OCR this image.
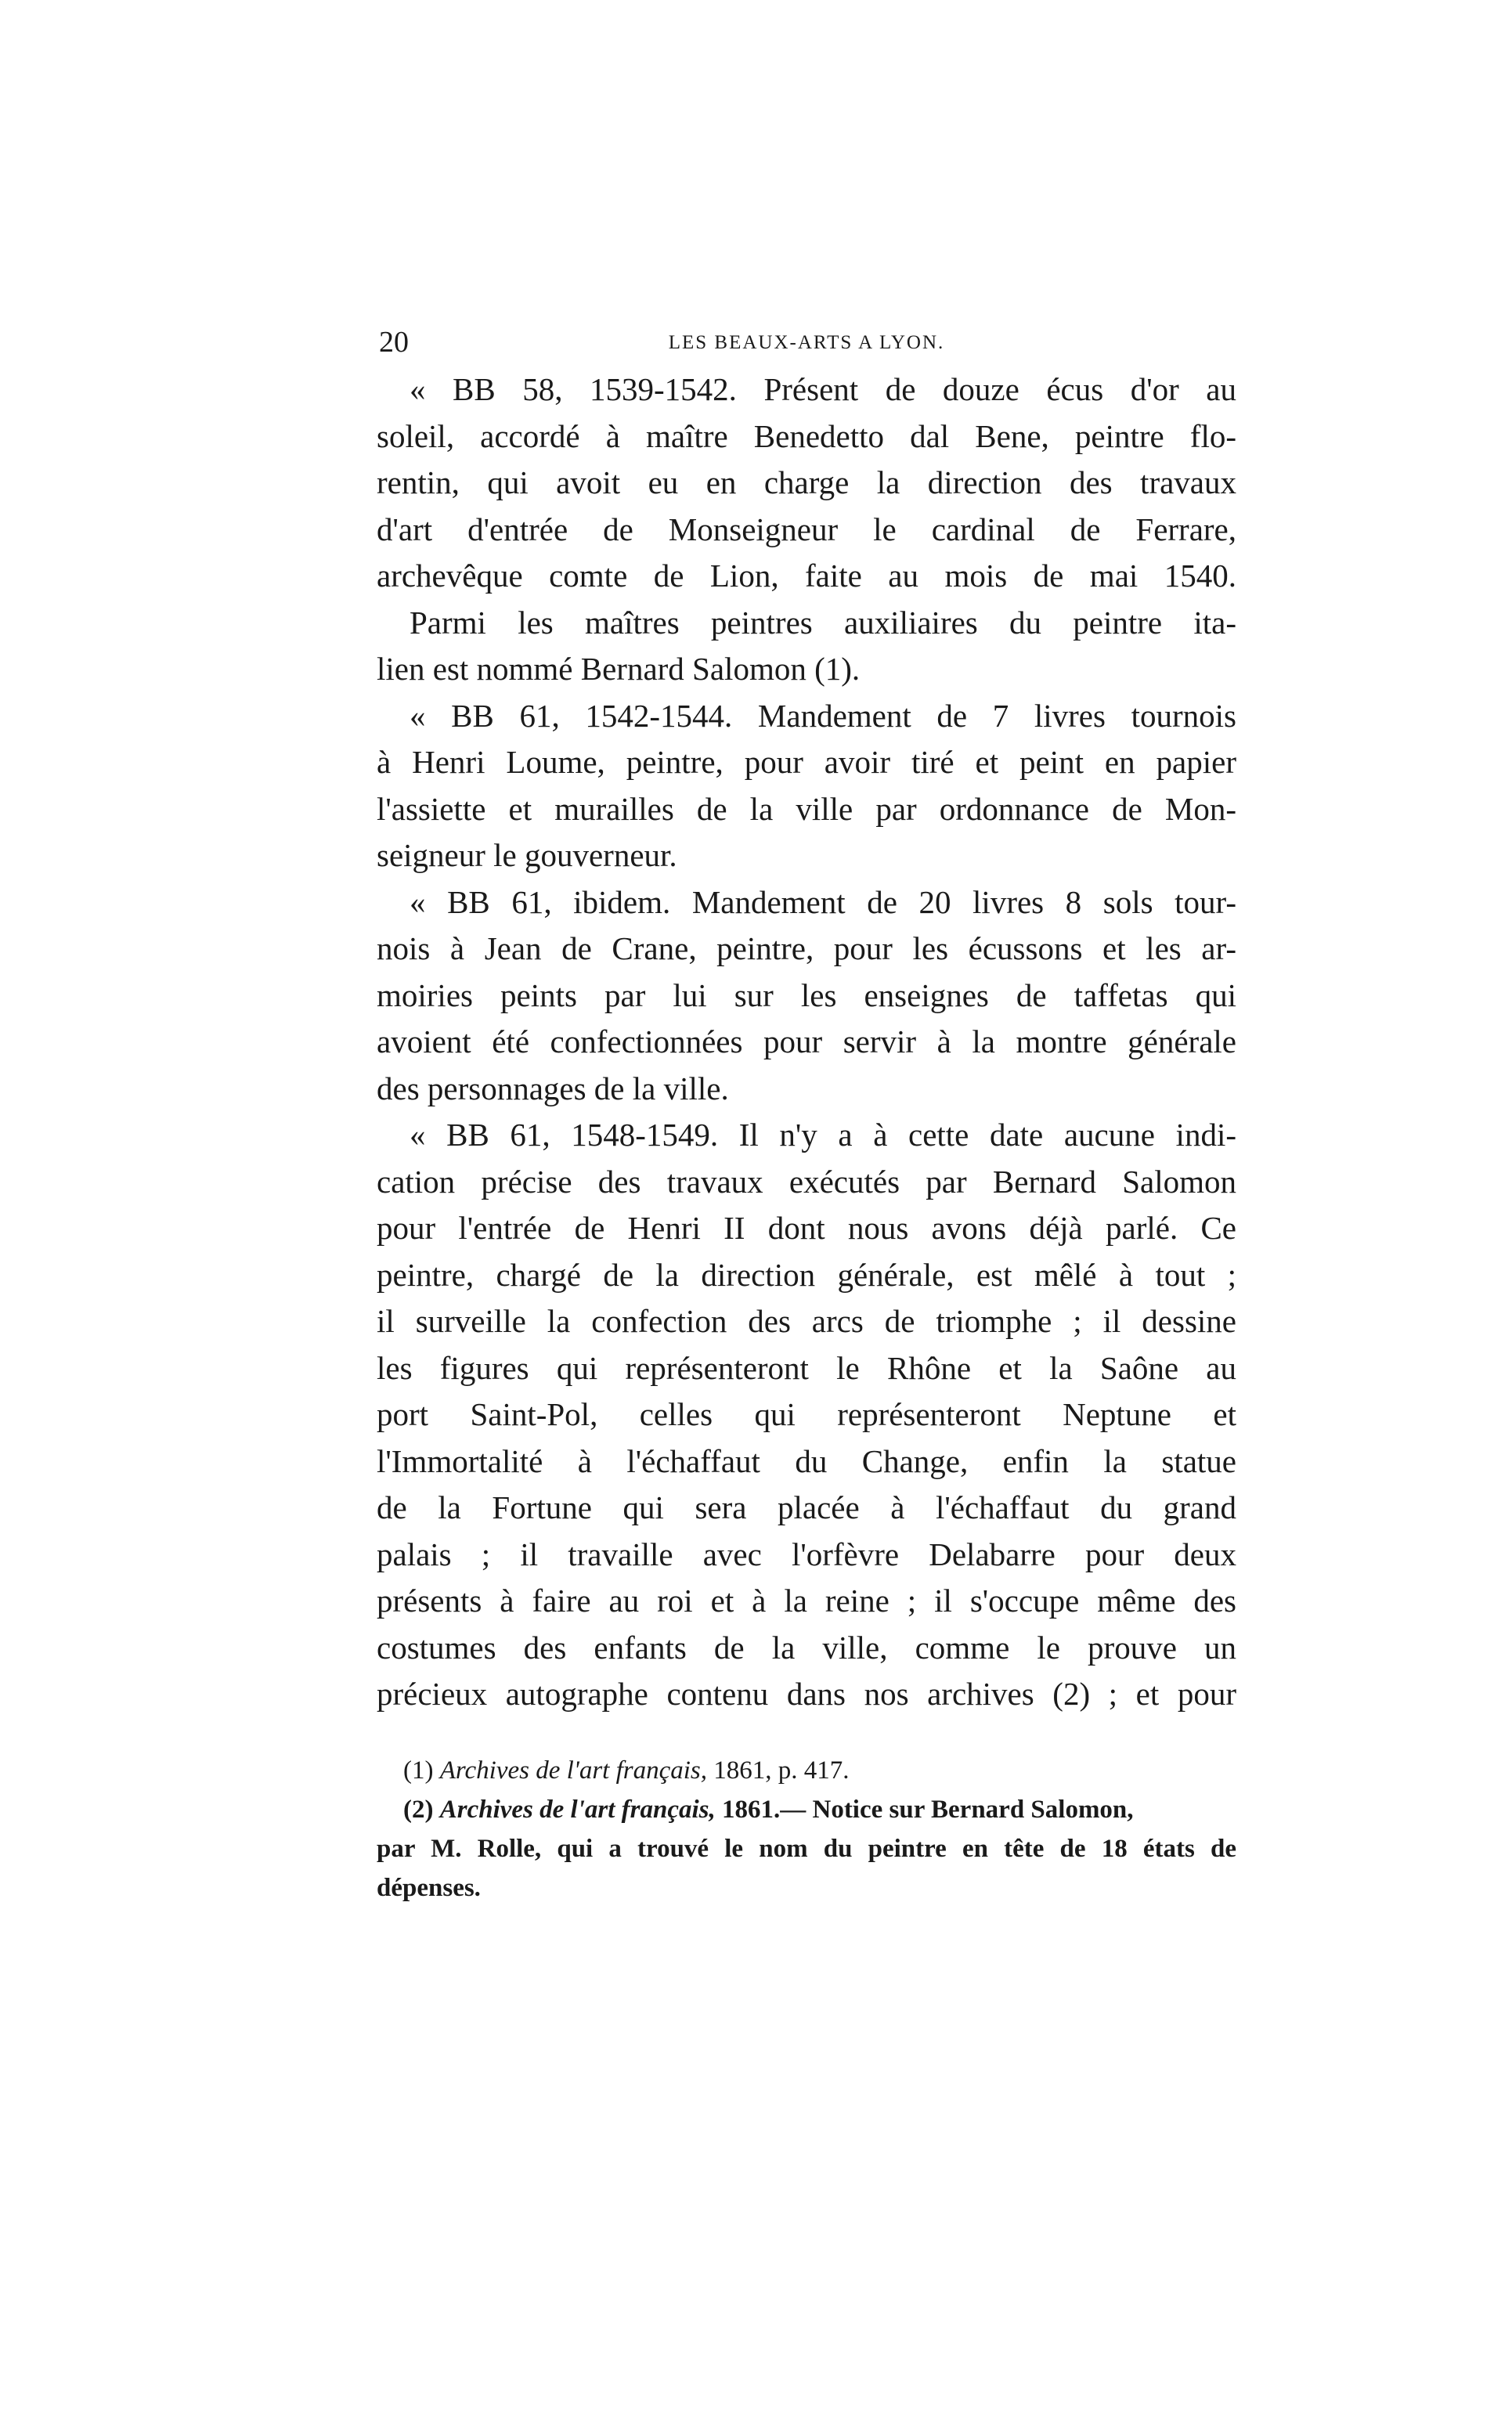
20	LES BEAUX-ARTS A LYON.
« BB 58, 1539-1542. Présent de douze écus d'or au
soleil, accordé à maître Benedetto dal Bene, peintre flo-
rentin, qui avoit eu en charge la direction des travaux
d'art d'entrée de Monseigneur le cardinal de Ferrare,
archevêque comte de Lion, faite au mois de mai 1540.
Parmi les maîtres peintres auxiliaires du peintre ita-
lien est nommé Bernard Salomon (1).
« BB 61, 1542-1544. Mandement de 7 livres tournois
à Henri Loume, peintre, pour avoir tiré et peint en papier
l'assiette et murailles de la ville par ordonnance de Mon-
seigneur le gouverneur.
« BB 61, ibidem. Mandement de 20 livres 8 sols tour-
nois à Jean de Crane, peintre, pour les écussons et les ar-
moiries peints par lui sur les enseignes de taffetas qui
avoient été confectionnées pour servir à la montre générale
des personnages de la ville.
« BB 61, 1548-1549. Il n'y a à cette date aucune indi-
cation précise des travaux exécutés par Bernard Salomon
pour l'entrée de Henri II dont nous avons déjà parlé. Ce
peintre, chargé de la direction générale, est mêlé à tout ;
il surveille la confection des arcs de triomphe ; il dessine
les figures qui représenteront le Rhône et la Saône au
port Saint-Pol, celles qui représenteront Neptune et
l'Immortalité à l'échaffaut du Change, enfin la statue
de la Fortune qui sera placée à l'échaffaut du grand
palais ; il travaille avec l'orfèvre Delabarre pour deux
présents à faire au roi et à la reine ; il s'occupe même des
costumes des enfants de la ville, comme le prouve un
précieux autographe contenu dans nos archives (2) ; et pour
(1) Archives de l'art français, 1861, p. 417.
(2) Archives de l'art français, 1861.— Notice sur Bernard Salomon,
par M. Rolle, qui a trouvé le nom du peintre en tête de 18 états de
dépenses.
